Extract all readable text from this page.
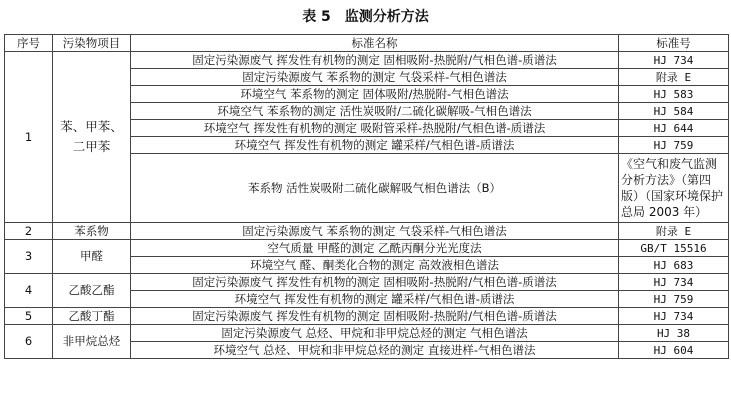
表 5　监测分析方法
序号	污染物项目	标准名称	标准号
1	苯、甲苯、二甲苯	固定污染源废气 挥发性有机物的测定 固相吸附-热脱附/气相色谱-质谱法	HJ 734
		固定污染源废气 苯系物的测定 气袋采样-气相色谱法	附录 E
		环境空气 苯系物的测定 固体吸附/热脱附-气相色谱法	HJ 583
		环境空气 苯系物的测定 活性炭吸附/二硫化碳解吸-气相色谱法	HJ 584
		环境空气 挥发性有机物的测定 吸附管采样-热脱附/气相色谱-质谱法	HJ 644
		环境空气 挥发性有机物的测定 罐采样/气相色谱-质谱法	HJ 759
		苯系物 活性炭吸附二硫化碳解吸气相色谱法（B）	《空气和废气监测分析方法》（第四版）（国家环境保护总局 2003 年）
2	苯系物	固定污染源废气 苯系物的测定 气袋采样-气相色谱法	附录 E
3	甲醛	空气质量 甲醛的测定 乙酰丙酮分光光度法	GB/T 15516
		环境空气 醛、酮类化合物的测定 高效液相色谱法	HJ 683
4	乙酸乙酯	固定污染源废气 挥发性有机物的测定 固相吸附-热脱附/气相色谱-质谱法	HJ 734
		环境空气 挥发性有机物的测定 罐采样/气相色谱-质谱法	HJ 759
5	乙酸丁酯	固定污染源废气 挥发性有机物的测定 固相吸附-热脱附/气相色谱-质谱法	HJ 734
6	非甲烷总烃	固定污染源废气 总烃、甲烷和非甲烷总烃的测定 气相色谱法	HJ 38
		环境空气 总烃、甲烷和非甲烷总烃的测定 直接进样-气相色谱法	HJ 604
